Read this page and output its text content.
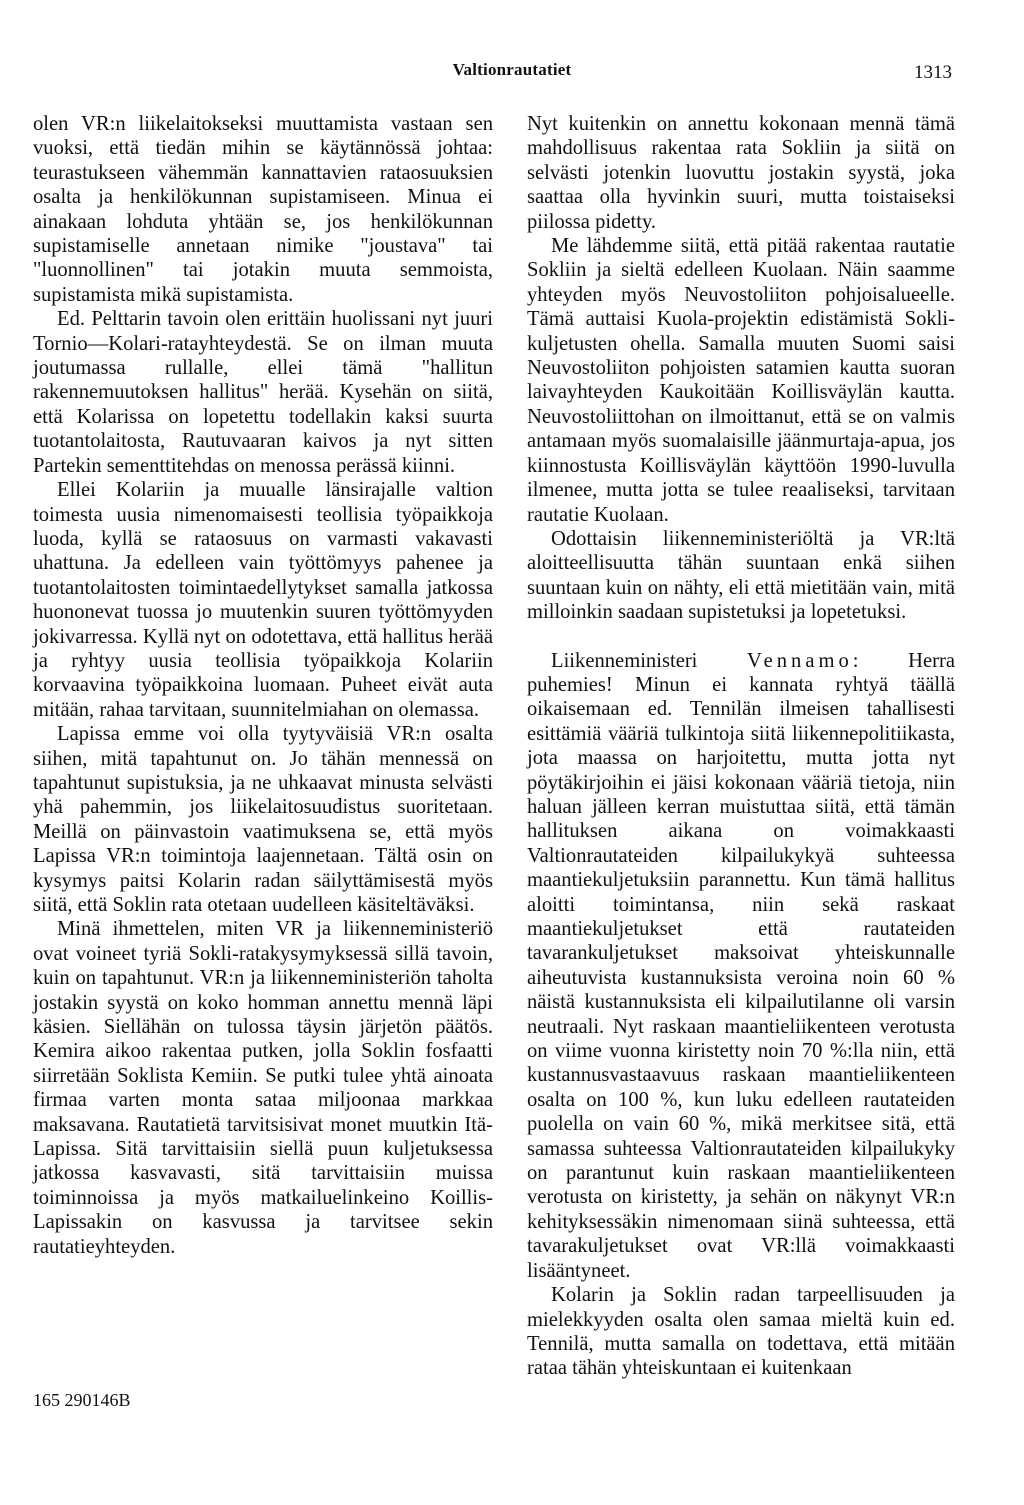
Valtionrautatiet	1313

olen VR:n liikelaitokseksi muuttamista vastaan sen vuoksi, että tiedän mihin se käytännössä johtaa: teurastukseen vähemmän kannattavien rataosuuksien osalta ja henkilökunnan supistamiseen. Minua ei ainakaan lohduta yhtään se, jos henkilökunnan supistamiselle annetaan nimike "joustava" tai "luonnollinen" tai jotakin muuta semmoista, supistamista mikä supistamista.

Ed. Pelttarin tavoin olen erittäin huolissani nyt juuri Tornio—Kolari-ratayhteydestä. Se on ilman muuta joutumassa rullalle, ellei tämä "hallitun rakennemuutoksen hallitus" herää. Kysehän on siitä, että Kolarissa on lopetettu todellakin kaksi suurta tuotantolaitosta, Rautuvaaran kaivos ja nyt sitten Partekin sementtitehdas on menossa perässä kiinni.

Ellei Kolariin ja muualle länsirajalle valtion toimesta uusia nimenomaisesti teollisia työpaikkoja luoda, kyllä se rataosuus on varmasti vakavasti uhattuna. Ja edelleen vain työttömyys pahenee ja tuotantolaitosten toimintaedellytykset samalla jatkossa huononevat tuossa jo muutenkin suuren työttömyyden jokivarressa. Kyllä nyt on odotettava, että hallitus herää ja ryhtyy uusia teollisia työpaikkoja Kolariin korvaavina työpaikkoina luomaan. Puheet eivät auta mitään, rahaa tarvitaan, suunnitelmiahan on olemassa.

Lapissa emme voi olla tyytyväisiä VR:n osalta siihen, mitä tapahtunut on. Jo tähän mennessä on tapahtunut supistuksia, ja ne uhkaavat minusta selvästi yhä pahemmin, jos liikelaitosuudistus suoritetaan. Meillä on päinvastoin vaatimuksena se, että myös Lapissa VR:n toimintoja laajennetaan. Tältä osin on kysymys paitsi Kolarin radan säilyttämisestä myös siitä, että Soklin rata otetaan uudelleen käsiteltäväksi.

Minä ihmettelen, miten VR ja liikenneministeriö ovat voineet tyriä Sokli-ratakysymyksessä sillä tavoin, kuin on tapahtunut. VR:n ja liikenneministeriön taholta jostakin syystä on koko homman annettu mennä läpi käsien. Siellähän on tulossa täysin järjetön päätös. Kemira aikoo rakentaa putken, jolla Soklin fosfaatti siirretään Soklista Kemiin. Se putki tulee yhtä ainoata firmaa varten monta sataa miljoonaa markkaa maksavana. Rautatietä tarvitsisivat monet muutkin Itä-Lapissa. Sitä tarvittaisiin siellä puun kuljetuksessa jatkossa kasvavasti, sitä tarvittaisiin muissa toiminnoissa ja myös matkailuelinkeino Koillis-Lapissakin on kasvussa ja tarvitsee sekin rautatieyhteyden.

Nyt kuitenkin on annettu kokonaan mennä tämä mahdollisuus rakentaa rata Sokliin ja siitä on selvästi jotenkin luovuttu jostakin syystä, joka saattaa olla hyvinkin suuri, mutta toistaiseksi piilossa pidetty.

Me lähdemme siitä, että pitää rakentaa rautatie Sokliin ja sieltä edelleen Kuolaan. Näin saamme yhteyden myös Neuvostoliiton pohjoisalueelle. Tämä auttaisi Kuola-projektin edistämistä Sokli-kuljetusten ohella. Samalla muuten Suomi saisi Neuvostoliiton pohjoisten satamien kautta suoran laivayhteyden Kaukoitään Koillisväylän kautta. Neuvostoliittohan on ilmoittanut, että se on valmis antamaan myös suomalaisille jäänmurtaja-apua, jos kiinnostusta Koillisväylän käyttöön 1990-luvulla ilmenee, mutta jotta se tulee reaaliseksi, tarvitaan rautatie Kuolaan.

Odottaisin liikenneministeriöltä ja VR:ltä aloitteellisuutta tähän suuntaan enkä siihen suuntaan kuin on nähty, eli että mietitään vain, mitä milloinkin saadaan supistetuksi ja lopetetuksi.

Liikenneministeri Vennamo: Herra puhemies! Minun ei kannata ryhtyä täällä oikaisemaan ed. Tennilän ilmeisen tahallisesti esittämiä vääriä tulkintoja siitä liikennepolitiikasta, jota maassa on harjoitettu, mutta jotta nyt pöytäkirjoihin ei jäisi kokonaan vääriä tietoja, niin haluan jälleen kerran muistuttaa siitä, että tämän hallituksen aikana on voimakkaasti Valtionrautateiden kilpailukykyä suhteessa maantiekuljetuksiin parannettu. Kun tämä hallitus aloitti toimintansa, niin sekä raskaat maantiekuljetukset että rautateiden tavarankuljetukset maksoivat yhteiskunnalle aiheutuvista kustannuksista veroina noin 60 % näistä kustannuksista eli kilpailutilanne oli varsin neutraali. Nyt raskaan maantieliikenteen verotusta on viime vuonna kiristetty noin 70 %:lla niin, että kustannusvastaavuus raskaan maantieliikenteen osalta on 100 %, kun luku edelleen rautateiden puolella on vain 60 %, mikä merkitsee sitä, että samassa suhteessa Valtionrautateiden kilpailukyky on parantunut kuin raskaan maantieliikenteen verotusta on kiristetty, ja sehän on näkynyt VR:n kehityksessäkin nimenomaan siinä suhteessa, että tavarakuljetukset ovat VR:llä voimakkaasti lisääntyneet.

Kolarin ja Soklin radan tarpeellisuuden ja mielekkyyden osalta olen samaa mieltä kuin ed. Tennilä, mutta samalla on todettava, että mitään rataa tähän yhteiskuntaan ei kuitenkaan

165 290146B
